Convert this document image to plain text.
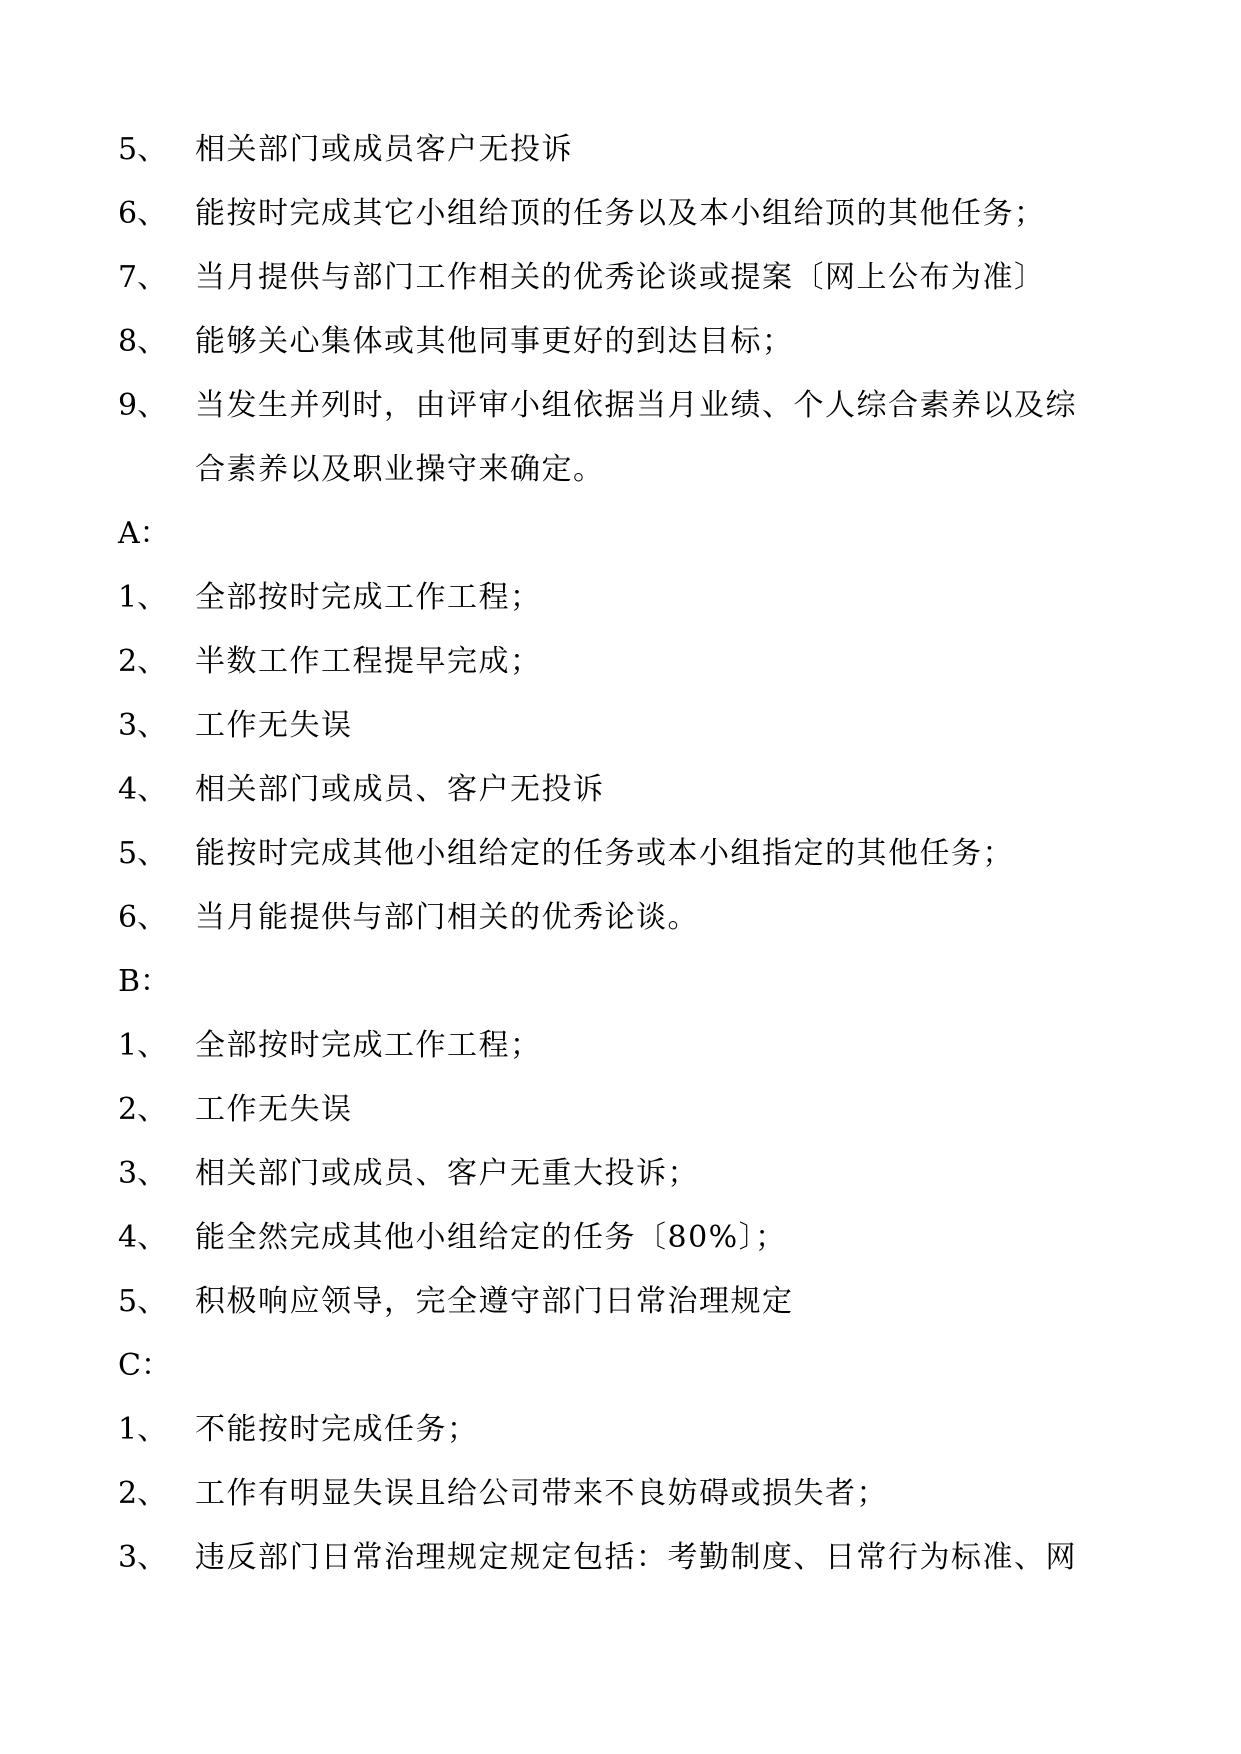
5、 相关部门或成员客户无投诉
6、 能按时完成其它小组给顶的任务以及本小组给顶的其他任务；
7、 当月提供与部门工作相关的优秀论谈或提案〔网上公布为准〕
8、 能够关心集体或其他同事更好的到达目标；
9、 当发生并列时，由评审小组依据当月业绩、个人综合素养以及综
合素养以及职业操守来确定。
A：
1、 全部按时完成工作工程；
2、 半数工作工程提早完成；
3、 工作无失误
4、 相关部门或成员、客户无投诉
5、 能按时完成其他小组给定的任务或本小组指定的其他任务；
6、 当月能提供与部门相关的优秀论谈。
B：
1、 全部按时完成工作工程；
2、 工作无失误
3、 相关部门或成员、客户无重大投诉；
4、 能全然完成其他小组给定的任务〔80%〕；
5、 积极响应领导，完全遵守部门日常治理规定
C：
1、 不能按时完成任务；
2、 工作有明显失误且给公司带来不良妨碍或损失者；
3、 违反部门日常治理规定规定包括：考勤制度、日常行为标准、网
